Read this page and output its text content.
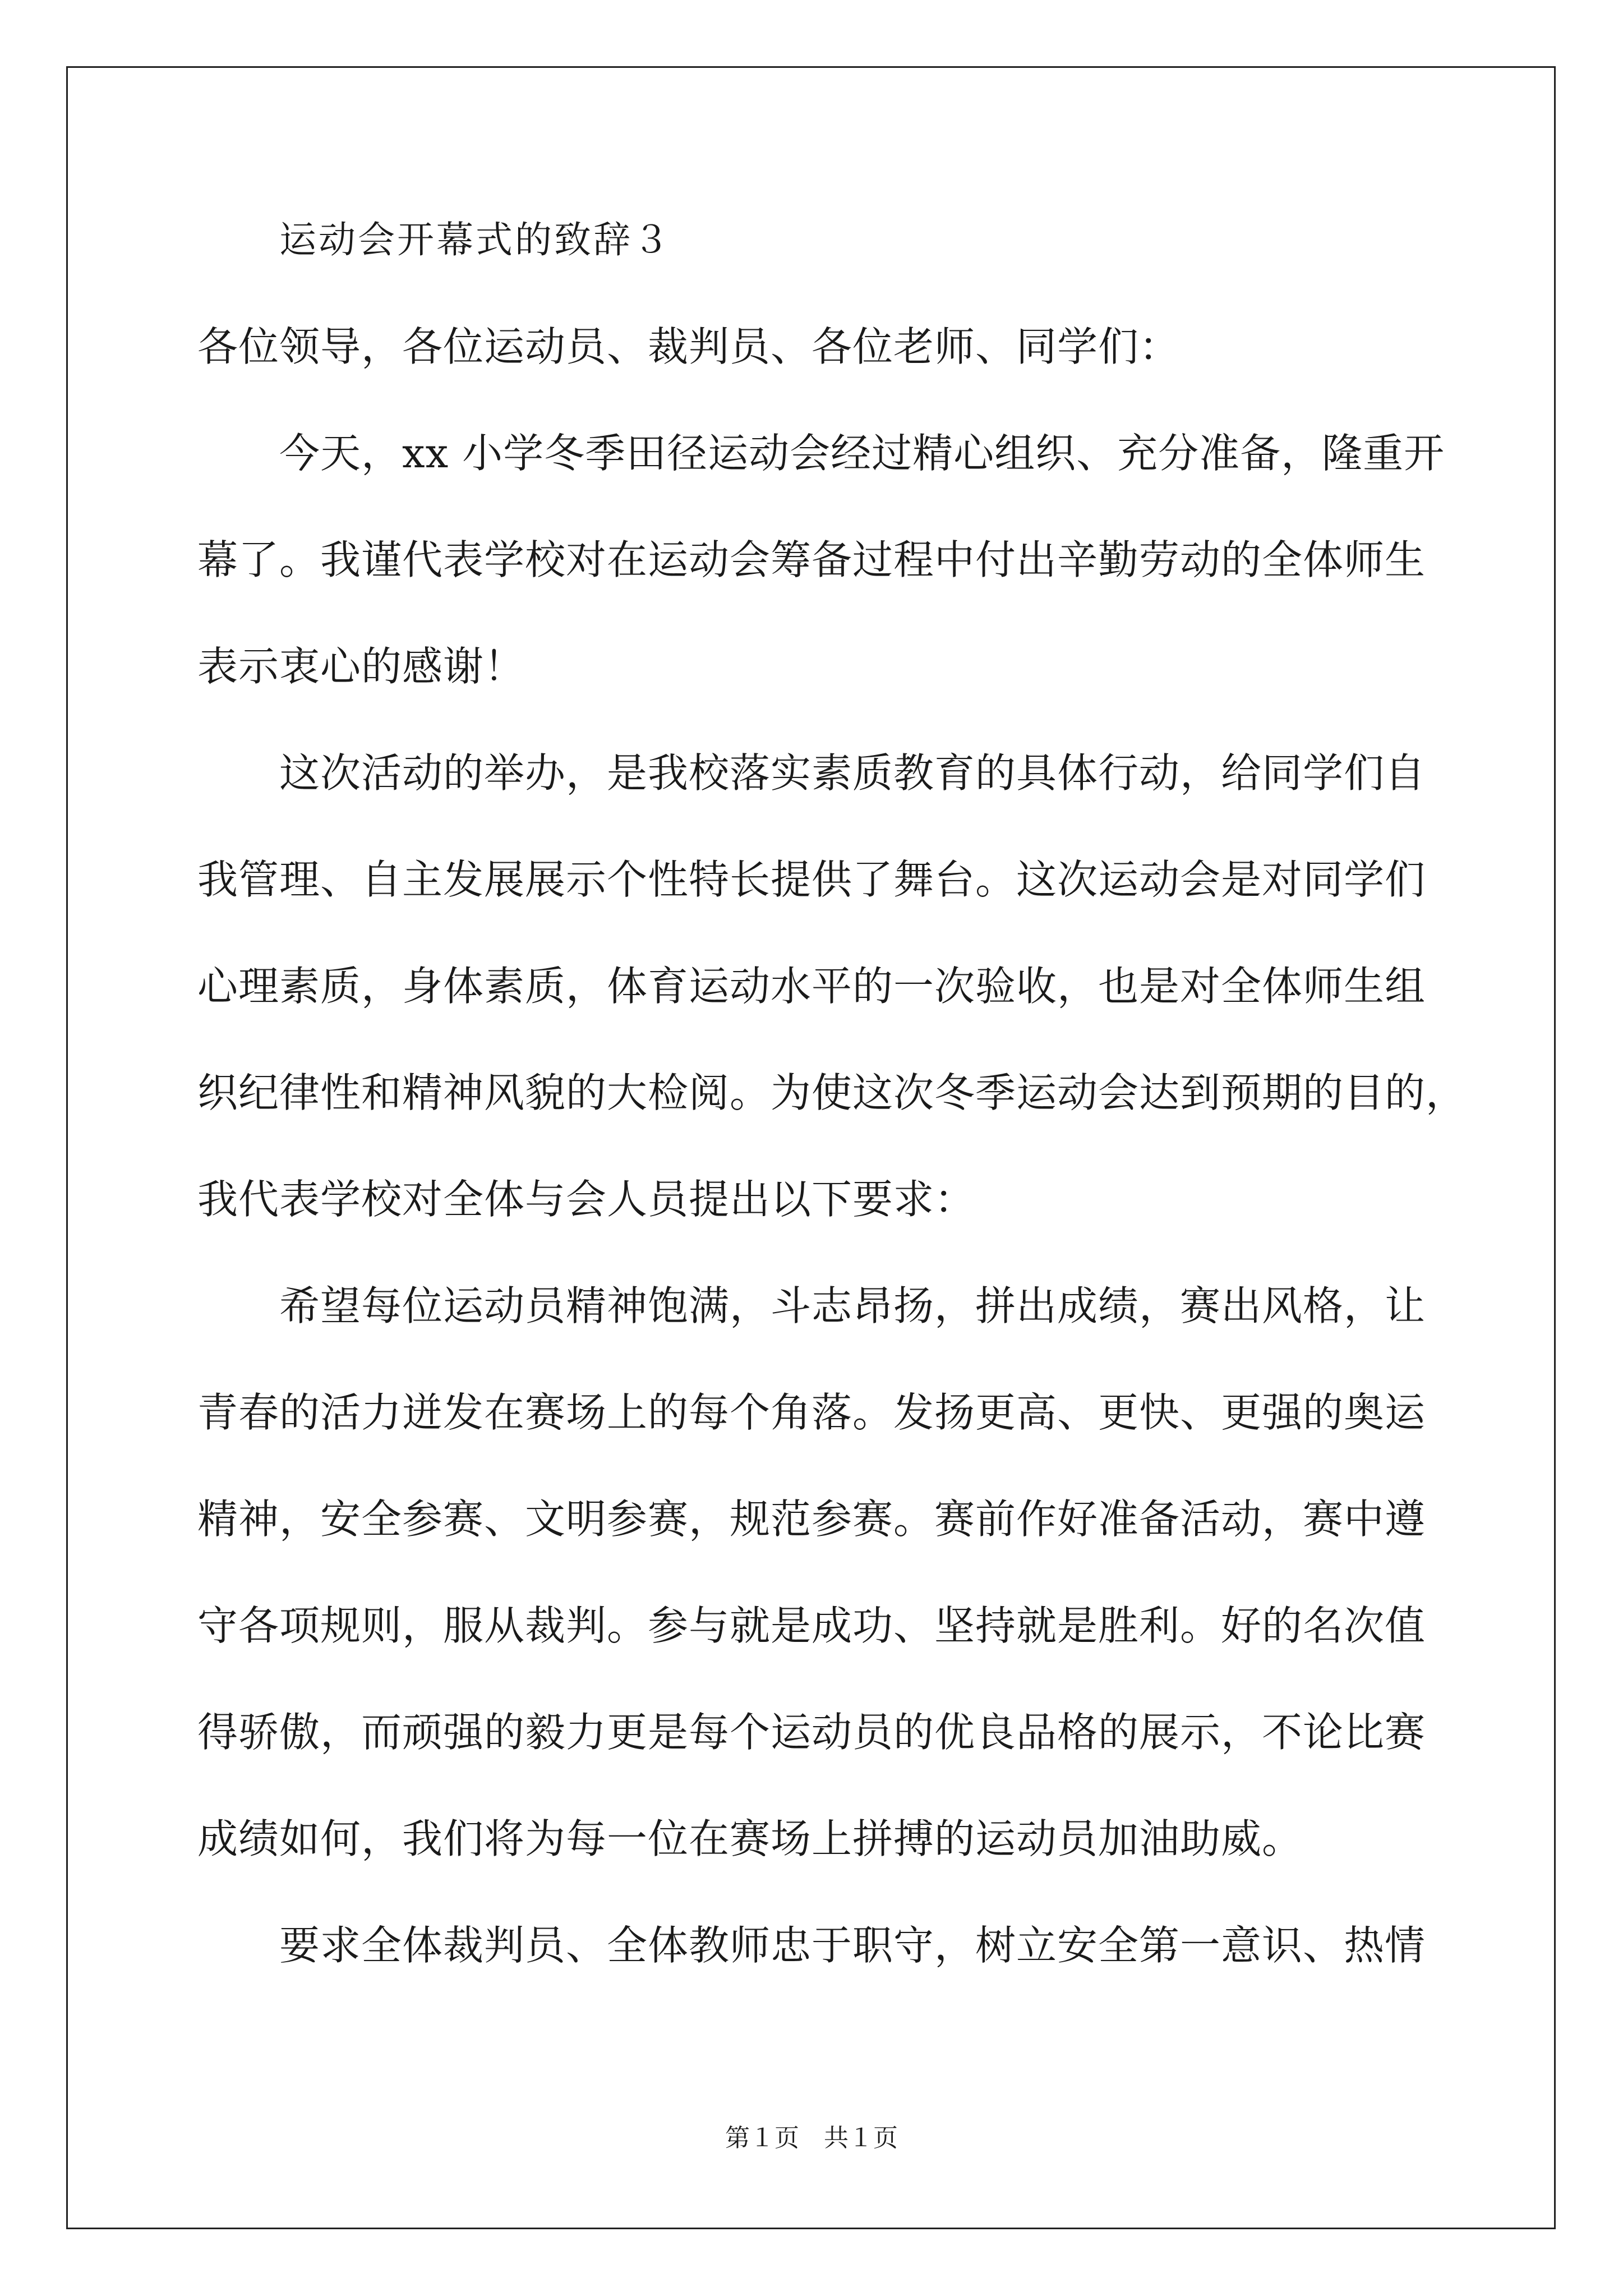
运动会开幕式的致辞３
各位领导，各位运动员、裁判员、各位老师、同学们：
今天，xx 小学冬季田径运动会经过精心组织、充分准备，隆重开
幕了。我谨代表学校对在运动会筹备过程中付出辛勤劳动的全体师生
表示衷心的感谢！
这次活动的举办，是我校落实素质教育的具体行动，给同学们自
我管理、自主发展展示个性特长提供了舞台。这次运动会是对同学们
心理素质，身体素质，体育运动水平的一次验收，也是对全体师生组
织纪律性和精神风貌的大检阅。为使这次冬季运动会达到预期的目的，
我代表学校对全体与会人员提出以下要求：
希望每位运动员精神饱满，斗志昂扬，拼出成绩，赛出风格，让
青春的活力迸发在赛场上的每个角落。发扬更高、更快、更强的奥运
精神，安全参赛、文明参赛，规范参赛。赛前作好准备活动，赛中遵
守各项规则，服从裁判。参与就是成功、坚持就是胜利。好的名次值
得骄傲，而顽强的毅力更是每个运动员的优良品格的展示，不论比赛
成绩如何，我们将为每一位在赛场上拼搏的运动员加油助威。
要求全体裁判员、全体教师忠于职守，树立安全第一意识、热情
第１页　共１页
